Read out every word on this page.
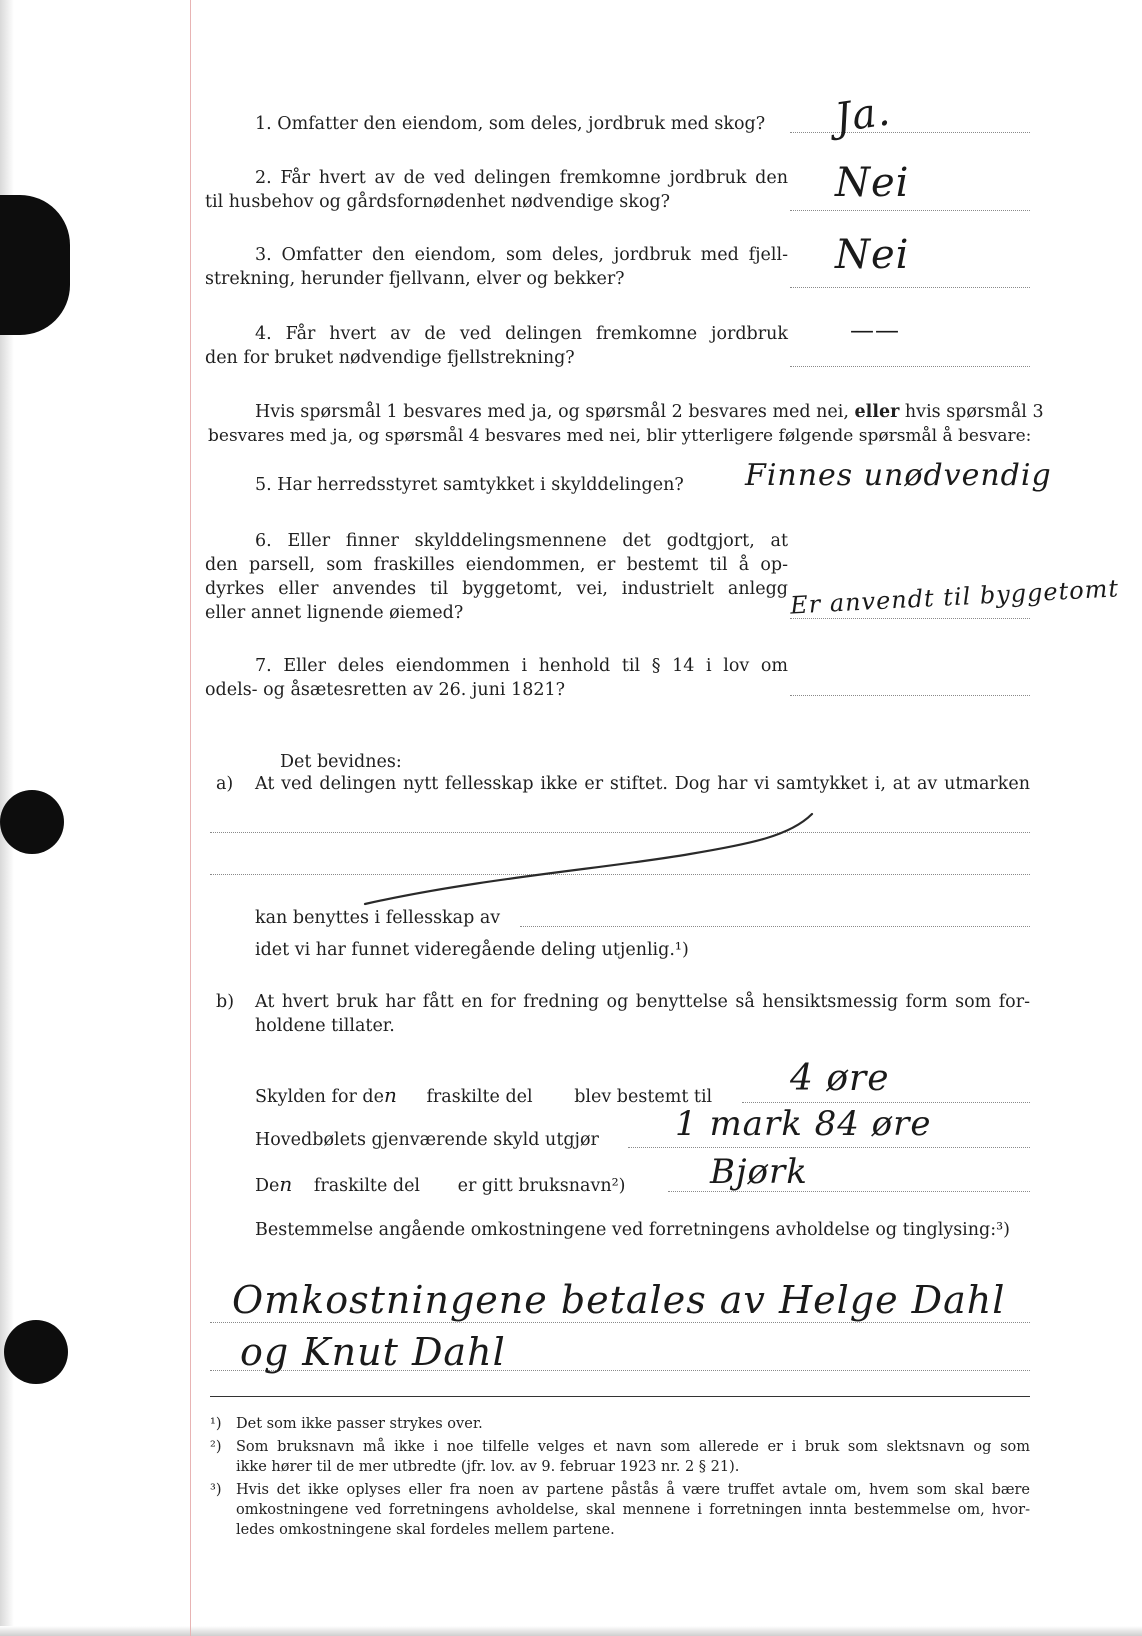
1. Omfatter den eiendom, som deles, jordbruk med skog? Ja.
2. Får hvert av de ved delingen fremkomne jordbruk den
til husbehov og gårdsfornødenhet nødvendige skog?	Nei
3. Omfatter den eiendom, som deles, jordbruk med fjell-
strekning, herunder fjellvann, elver og bekker?
Nei
4. Får hvert av de ved delingen fremkomne jordbruk
den for bruket nødvendige fjellstrekning?
——
Hvis spørsmål 1 besvares med ja, og spørsmål 2 besvares med nei, eller hvis spørsmål 3
besvares med ja, og spørsmål 4 besvares med nei, blir ytterligere følgende spørsmål å besvare:
5. Har herredsstyret samtykket i skylddelingen? Finnes unødvendig
6. Eller finner skylddelingsmennene det godtgjort, at
den parsell, som fraskilles eiendommen, er bestemt til å op-
dyrkes eller anvendes til byggetomt, vei, industrielt anlegg
eller annet lignende øiemed?	Er anvendt til byggetomt
7. Eller deles eiendommen i henhold til § 14 i lov om
odels- og åsætesretten av 26. juni 1821?
Det bevidnes:
a) At ved delingen nytt fellesskap ikke er stiftet. Dog har vi samtykket i, at av utmarken
kan benyttes i fellesskap av
idet vi har funnet videregående deling utjenlig.¹)
b) At hvert bruk har fått en for fredning og benyttelse så hensiktsmessig form som for-
holdene tillater.
Skylden for den fraskilte del blev bestemt til 4 øre
Hovedbølets gjenværende skyld utgjør 1 mark 84 øre
Den fraskilte del er gitt bruksnavn²) Bjørk
Bestemmelse angående omkostningene ved forretningens avholdelse og tinglysing:³)
Omkostningene betales av Helge Dahl
og Knut Dahl
¹) Det som ikke passer strykes over.
²) Som bruksnavn må ikke i noe tilfelle velges et navn som allerede er i bruk som slektsnavn og som
ikke hører til de mer utbredte (jfr. lov. av 9. februar 1923 nr. 2 § 21).
³) Hvis det ikke oplyses eller fra noen av partene påstås å være truffet avtale om, hvem som skal bære
omkostningene ved forretningens avholdelse, skal mennene i forretningen innta bestemmelse om, hvor-
ledes omkostningene skal fordeles mellem partene.
